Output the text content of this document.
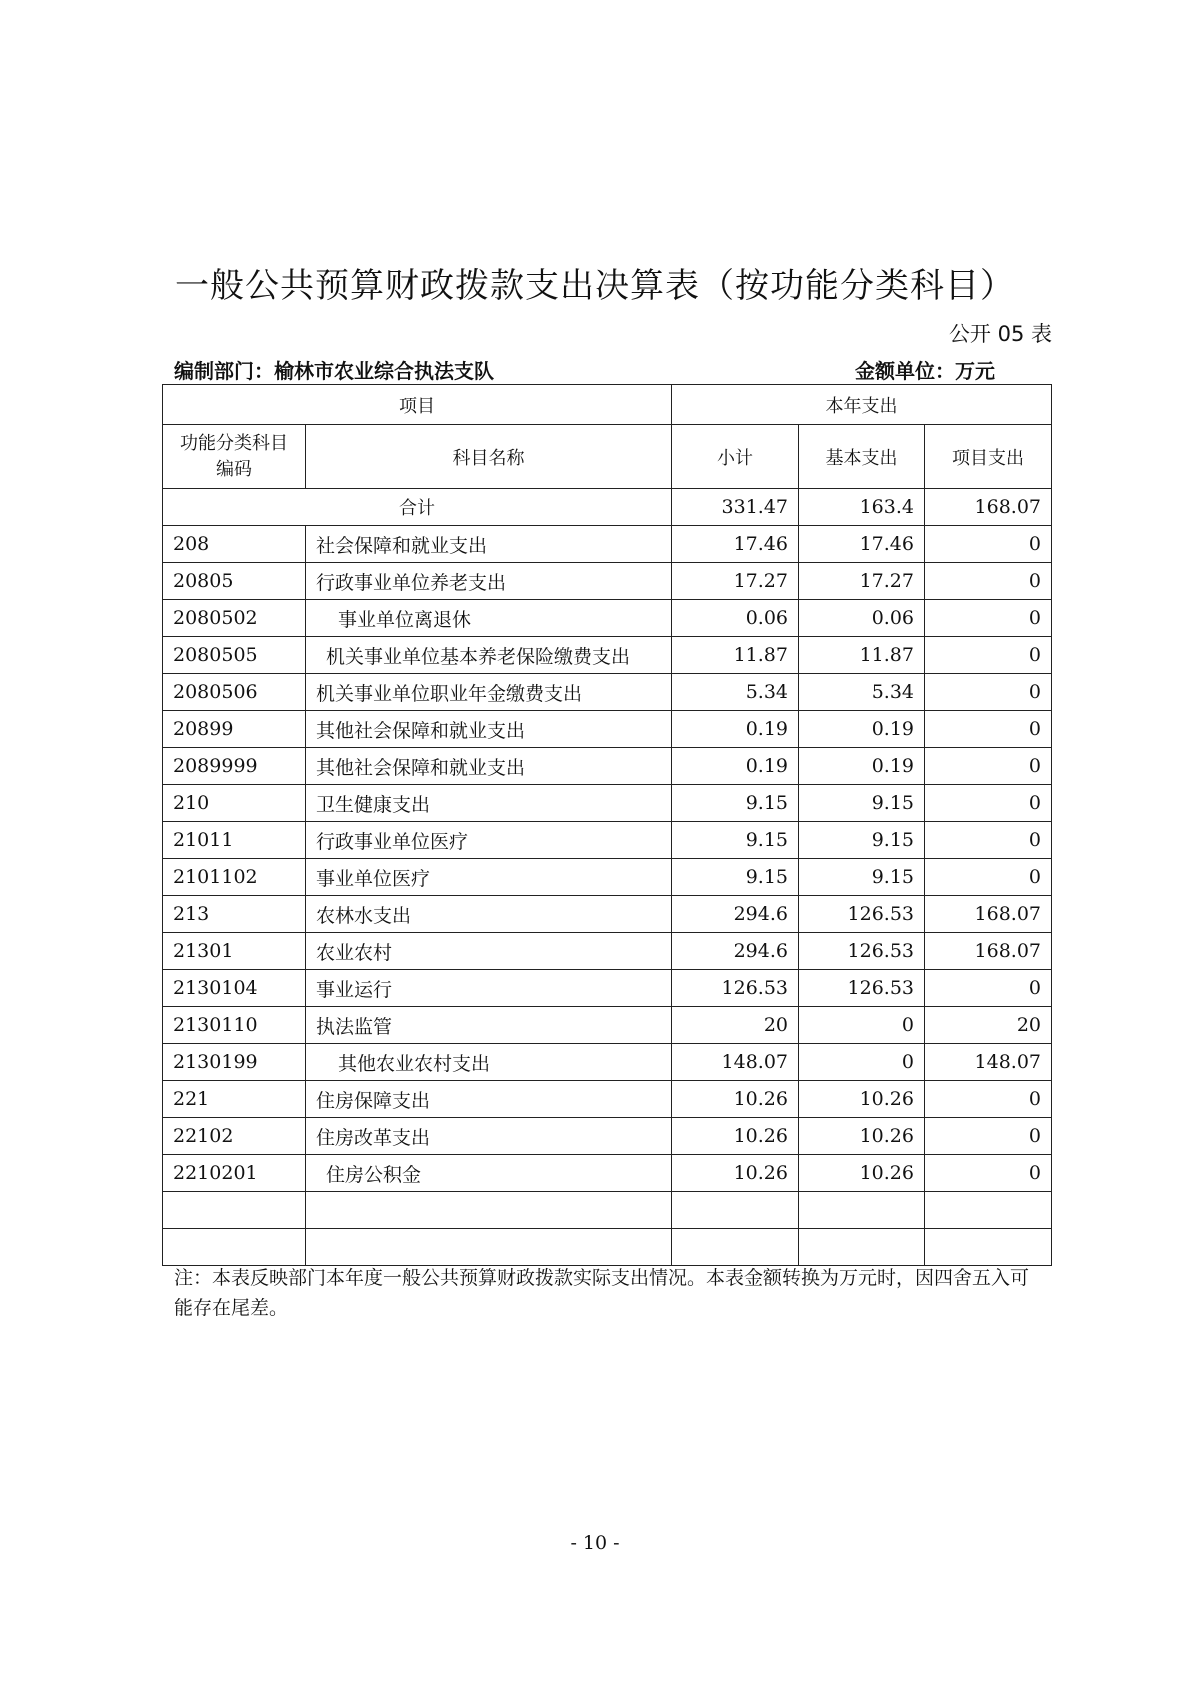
一般公共预算财政拨款支出决算表（按功能分类科目）
公开 05 表
编制部门：榆林市农业综合执法支队	金额单位：万元
项目		本年支出		
功能分类科目
编码	科目名称	小计	基本支出	项目支出
合计		331.47	163.4	168.07
208	社会保障和就业支出	17.46	17.46	0
20805	行政事业单位养老支出	17.27	17.27	0
2080502	事业单位离退休	0.06	0.06	0
2080505	机关事业单位基本养老保险缴费支出	11.87	11.87	0
2080506	机关事业单位职业年金缴费支出	5.34	5.34	0
20899	其他社会保障和就业支出	0.19	0.19	0
2089999	其他社会保障和就业支出	0.19	0.19	0
210	卫生健康支出	9.15	9.15	0
21011	行政事业单位医疗	9.15	9.15	0
2101102	事业单位医疗	9.15	9.15	0
213	农林水支出	294.6	126.53	168.07
21301	农业农村	294.6	126.53	168.07
2130104	事业运行	126.53	126.53	0
2130110	执法监管	20	0	20
2130199	其他农业农村支出	148.07	0	148.07
221	住房保障支出	10.26	10.26	0
22102	住房改革支出	10.26	10.26	0
2210201	住房公积金	10.26	10.26	0

注：本表反映部门本年度一般公共预算财政拨款实际支出情况。本表金额转换为万元时，因四舍五入可能存在尾差。

- 10 -
